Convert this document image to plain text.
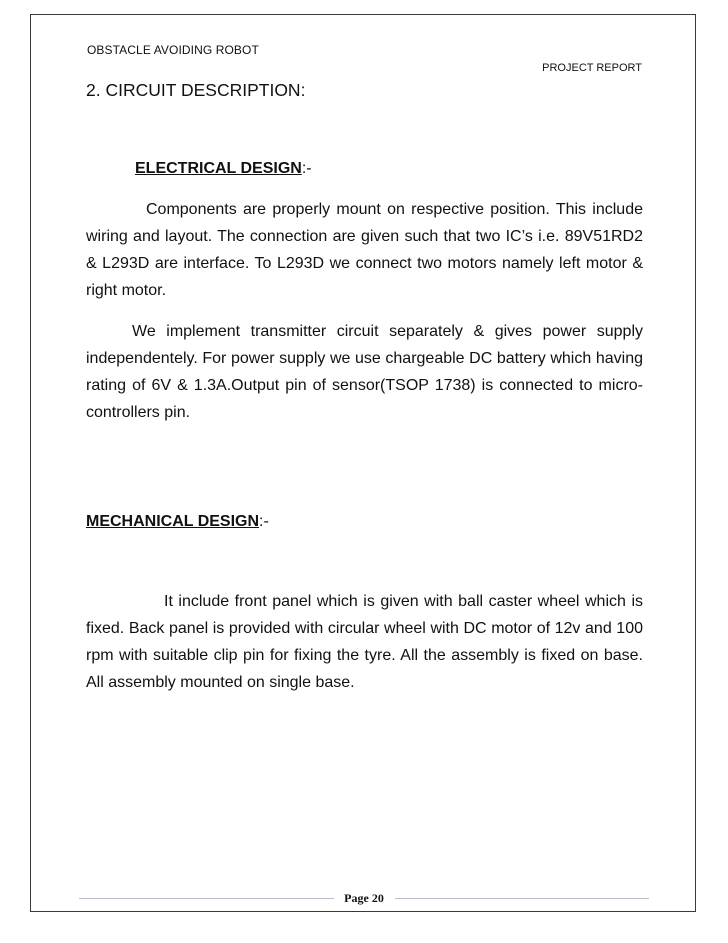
OBSTACLE AVOIDING ROBOT
PROJECT REPORT
2. CIRCUIT DESCRIPTION:
ELECTRICAL DESIGN:-

Components are properly mount on respective position. This include wiring and layout. The connection are given such that two IC’s i.e. 89V51RD2 & L293D are interface. To L293D we connect two motors namely left motor & right motor.

We implement transmitter circuit separately & gives power supply independentely. For power supply we use chargeable DC battery which having rating of 6V & 1.3A.Output pin of sensor(TSOP 1738) is connected to micro-controllers pin.

MECHANICAL DESIGN:-

It include front panel which is given with ball caster wheel which is fixed. Back panel is provided with circular wheel with DC motor of 12v and 100 rpm with suitable clip pin for fixing the tyre. All the assembly is fixed on base. All assembly mounted on single base.

Page 20
